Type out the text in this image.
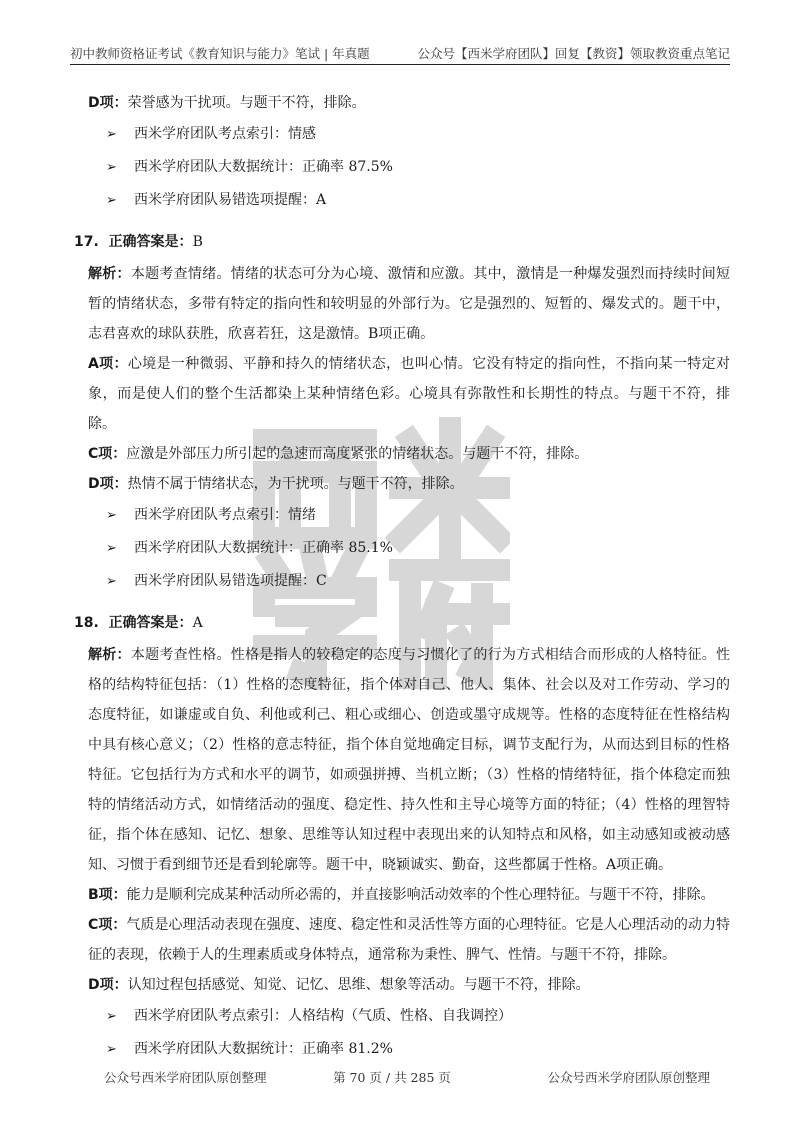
初中教师资格证考试《教育知识与能力》笔试 | 年真题	公众号【西米学府团队】回复【教资】领取教资重点笔记

D项：荣誉感为干扰项。与题干不符，排除。

➢ 西米学府团队考点索引：情感

➢ 西米学府团队大数据统计：正确率 87.5%

➢ 西米学府团队易错选项提醒：A

17. 正确答案是：B

解析：本题考查情绪。情绪的状态可分为心境、激情和应激。其中，激情是一种爆发强烈而持续时间短暂的情绪状态，多带有特定的指向性和较明显的外部行为。它是强烈的、短暂的、爆发式的。题干中，志君喜欢的球队获胜，欣喜若狂，这是激情。B项正确。

A项：心境是一种微弱、平静和持久的情绪状态，也叫心情。它没有特定的指向性，不指向某一特定对象，而是使人们的整个生活都染上某种情绪色彩。心境具有弥散性和长期性的特点。与题干不符，排除。

C项：应激是外部压力所引起的急速而高度紧张的情绪状态。与题干不符，排除。

D项：热情不属于情绪状态，为干扰项。与题干不符，排除。

➢ 西米学府团队考点索引：情绪

➢ 西米学府团队大数据统计：正确率 85.1%

➢ 西米学府团队易错选项提醒：C

18. 正确答案是：A

解析：本题考查性格。性格是指人的较稳定的态度与习惯化了的行为方式相结合而形成的人格特征。性格的结构特征包括：（1）性格的态度特征，指个体对自己、他人、集体、社会以及对工作劳动、学习的态度特征，如谦虚或自负、利他或利己、粗心或细心、创造或墨守成规等。性格的态度特征在性格结构中具有核心意义；（2）性格的意志特征，指个体自觉地确定目标，调节支配行为，从而达到目标的性格特征。它包括行为方式和水平的调节，如顽强拼搏、当机立断；（3）性格的情绪特征，指个体稳定而独特的情绪活动方式，如情绪活动的强度、稳定性、持久性和主导心境等方面的特征；（4）性格的理智特征，指个体在感知、记忆、想象、思维等认知过程中表现出来的认知特点和风格，如主动感知或被动感知、习惯于看到细节还是看到轮廓等。题干中，晓颖诚实、勤奋，这些都属于性格。A项正确。

B项：能力是顺利完成某种活动所必需的，并直接影响活动效率的个性心理特征。与题干不符，排除。

C项：气质是心理活动表现在强度、速度、稳定性和灵活性等方面的心理特征。它是人心理活动的动力特征的表现，依赖于人的生理素质或身体特点，通常称为秉性、脾气、性情。与题干不符，排除。

D项：认知过程包括感觉、知觉、记忆、思维、想象等活动。与题干不符，排除。

➢ 西米学府团队考点索引：人格结构（气质、性格、自我调控）

➢ 西米学府团队大数据统计：正确率 81.2%

公众号西米学府团队原创整理	第 70 页 / 共 285 页	公众号西米学府团队原创整理
